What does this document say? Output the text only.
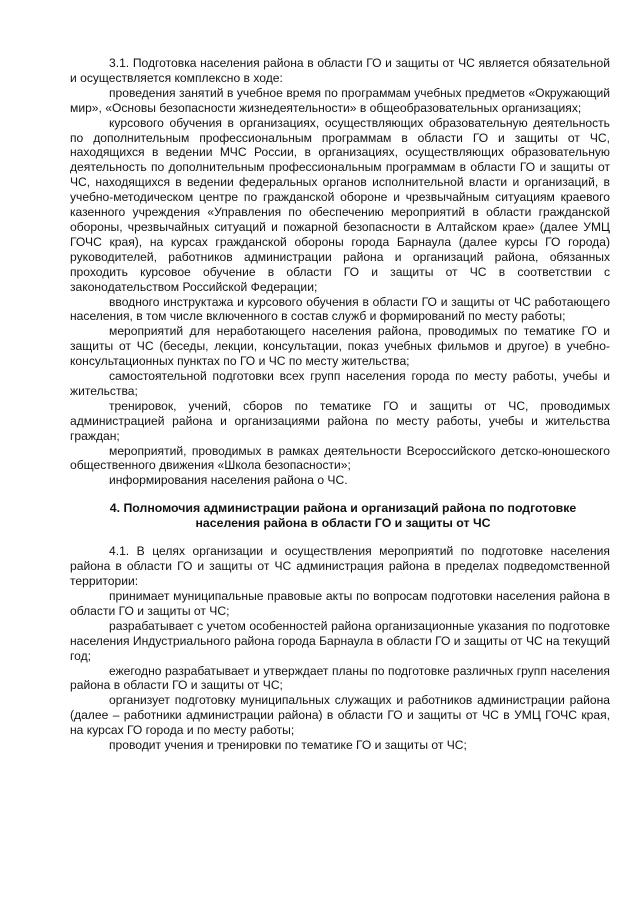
3.1. Подготовка населения района в области ГО и защиты от ЧС является обязательной и осуществляется комплексно в ходе:

проведения занятий в учебное время по программам учебных предметов «Окружающий мир», «Основы безопасности жизнедеятельности» в общеобразовательных организациях;

курсового обучения в организациях, осуществляющих образовательную деятельность по дополнительным профессиональным программам в области ГО и защиты от ЧС, находящихся в ведении МЧС России, в организациях, осуществляющих образовательную деятельность по дополнительным профессиональным программам в области ГО и защиты от ЧС, находящихся в ведении федеральных органов исполнительной власти и организаций, в учебно-методическом центре по гражданской обороне и чрезвычайным ситуациям краевого казенного учреждения «Управления по обеспечению мероприятий в области гражданской обороны, чрезвычайных ситуаций и пожарной безопасности в Алтайском крае» (далее УМЦ ГОЧС края), на курсах гражданской обороны города Барнаула (далее курсы ГО города) руководителей, работников администрации района и организаций района, обязанных проходить курсовое обучение в области ГО и защиты от ЧС в соответствии с законодательством Российской Федерации;

вводного инструктажа и курсового обучения в области ГО и защиты от ЧС работающего населения, в том числе включенного в состав служб и формирований по месту работы;

мероприятий для неработающего населения района, проводимых по тематике ГО и защиты от ЧС (беседы, лекции, консультации, показ учебных фильмов и другое) в учебно-консультационных пунктах по ГО и ЧС по месту жительства;

самостоятельной подготовки всех групп населения города по месту работы, учебы и жительства;

тренировок, учений, сборов по тематике ГО и защиты от ЧС, проводимых администрацией района и организациями района по месту работы, учебы и жительства граждан;

мероприятий, проводимых в рамках деятельности Всероссийского детско-юношеского общественного движения «Школа безопасности»;

информирования населения района о ЧС.

4. Полномочия администрации района и организаций района по подготовке
населения района в области ГО и защиты от ЧС

4.1. В целях организации и осуществления мероприятий по подготовке населения района в области ГО и защиты от ЧС администрация района в пределах подведомственной территории:

принимает муниципальные правовые акты по вопросам подготовки населения района в области ГО и защиты от ЧС;

разрабатывает с учетом особенностей района организационные указания по подготовке населения Индустриального района города Барнаула в области ГО и защиты от ЧС на текущий год;

ежегодно разрабатывает и утверждает планы по подготовке различных групп населения района в области ГО и защиты от ЧС;

организует подготовку муниципальных служащих и работников администрации района (далее – работники администрации района) в области ГО и защиты от ЧС в УМЦ ГОЧС края, на курсах ГО города и по месту работы;

проводит учения и тренировки по тематике ГО и защиты от ЧС;
